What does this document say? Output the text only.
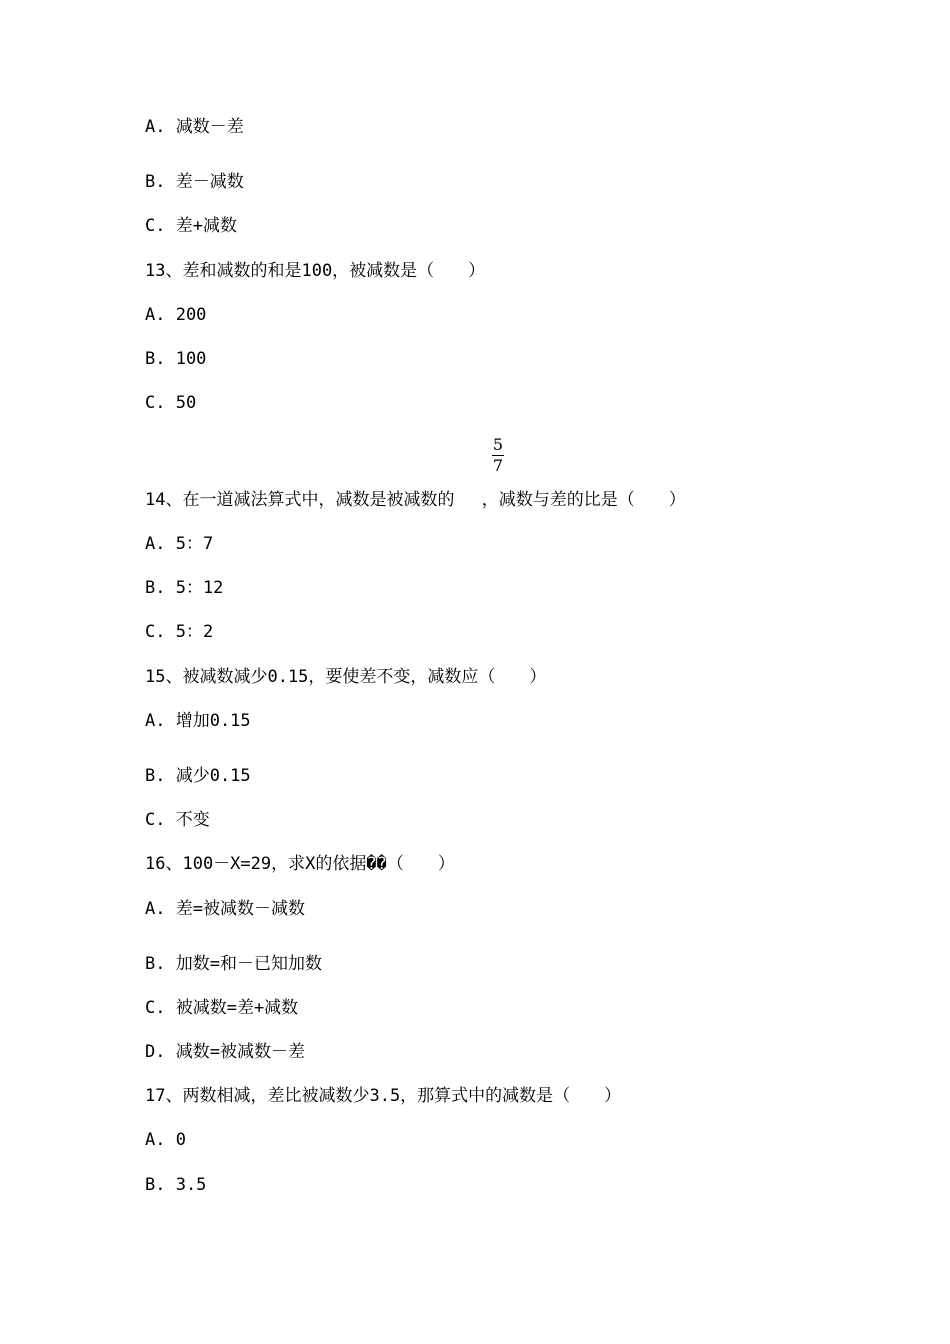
A. 减数－差
B. 差－减数
C. 差+减数
13、差和减数的和是100，被减数是（　　）
A. 200
B. 100
C. 50
5
7
14、在一道减法算式中，减数是被减数的　 ，减数与差的比是（　　）
A. 5：7
B. 5：12
C. 5：2
15、被减数减少0.15，要使差不变，减数应（　　）
A. 增加0.15
B. 减少0.15
C. 不变
16、100－X=29，求X的依据��（　　）
A. 差=被减数－减数
B. 加数=和－已知加数
C. 被减数=差+减数
D. 减数=被减数－差
17、两数相减，差比被减数少3.5，那算式中的减数是（　　）
A. 0
B. 3.5
